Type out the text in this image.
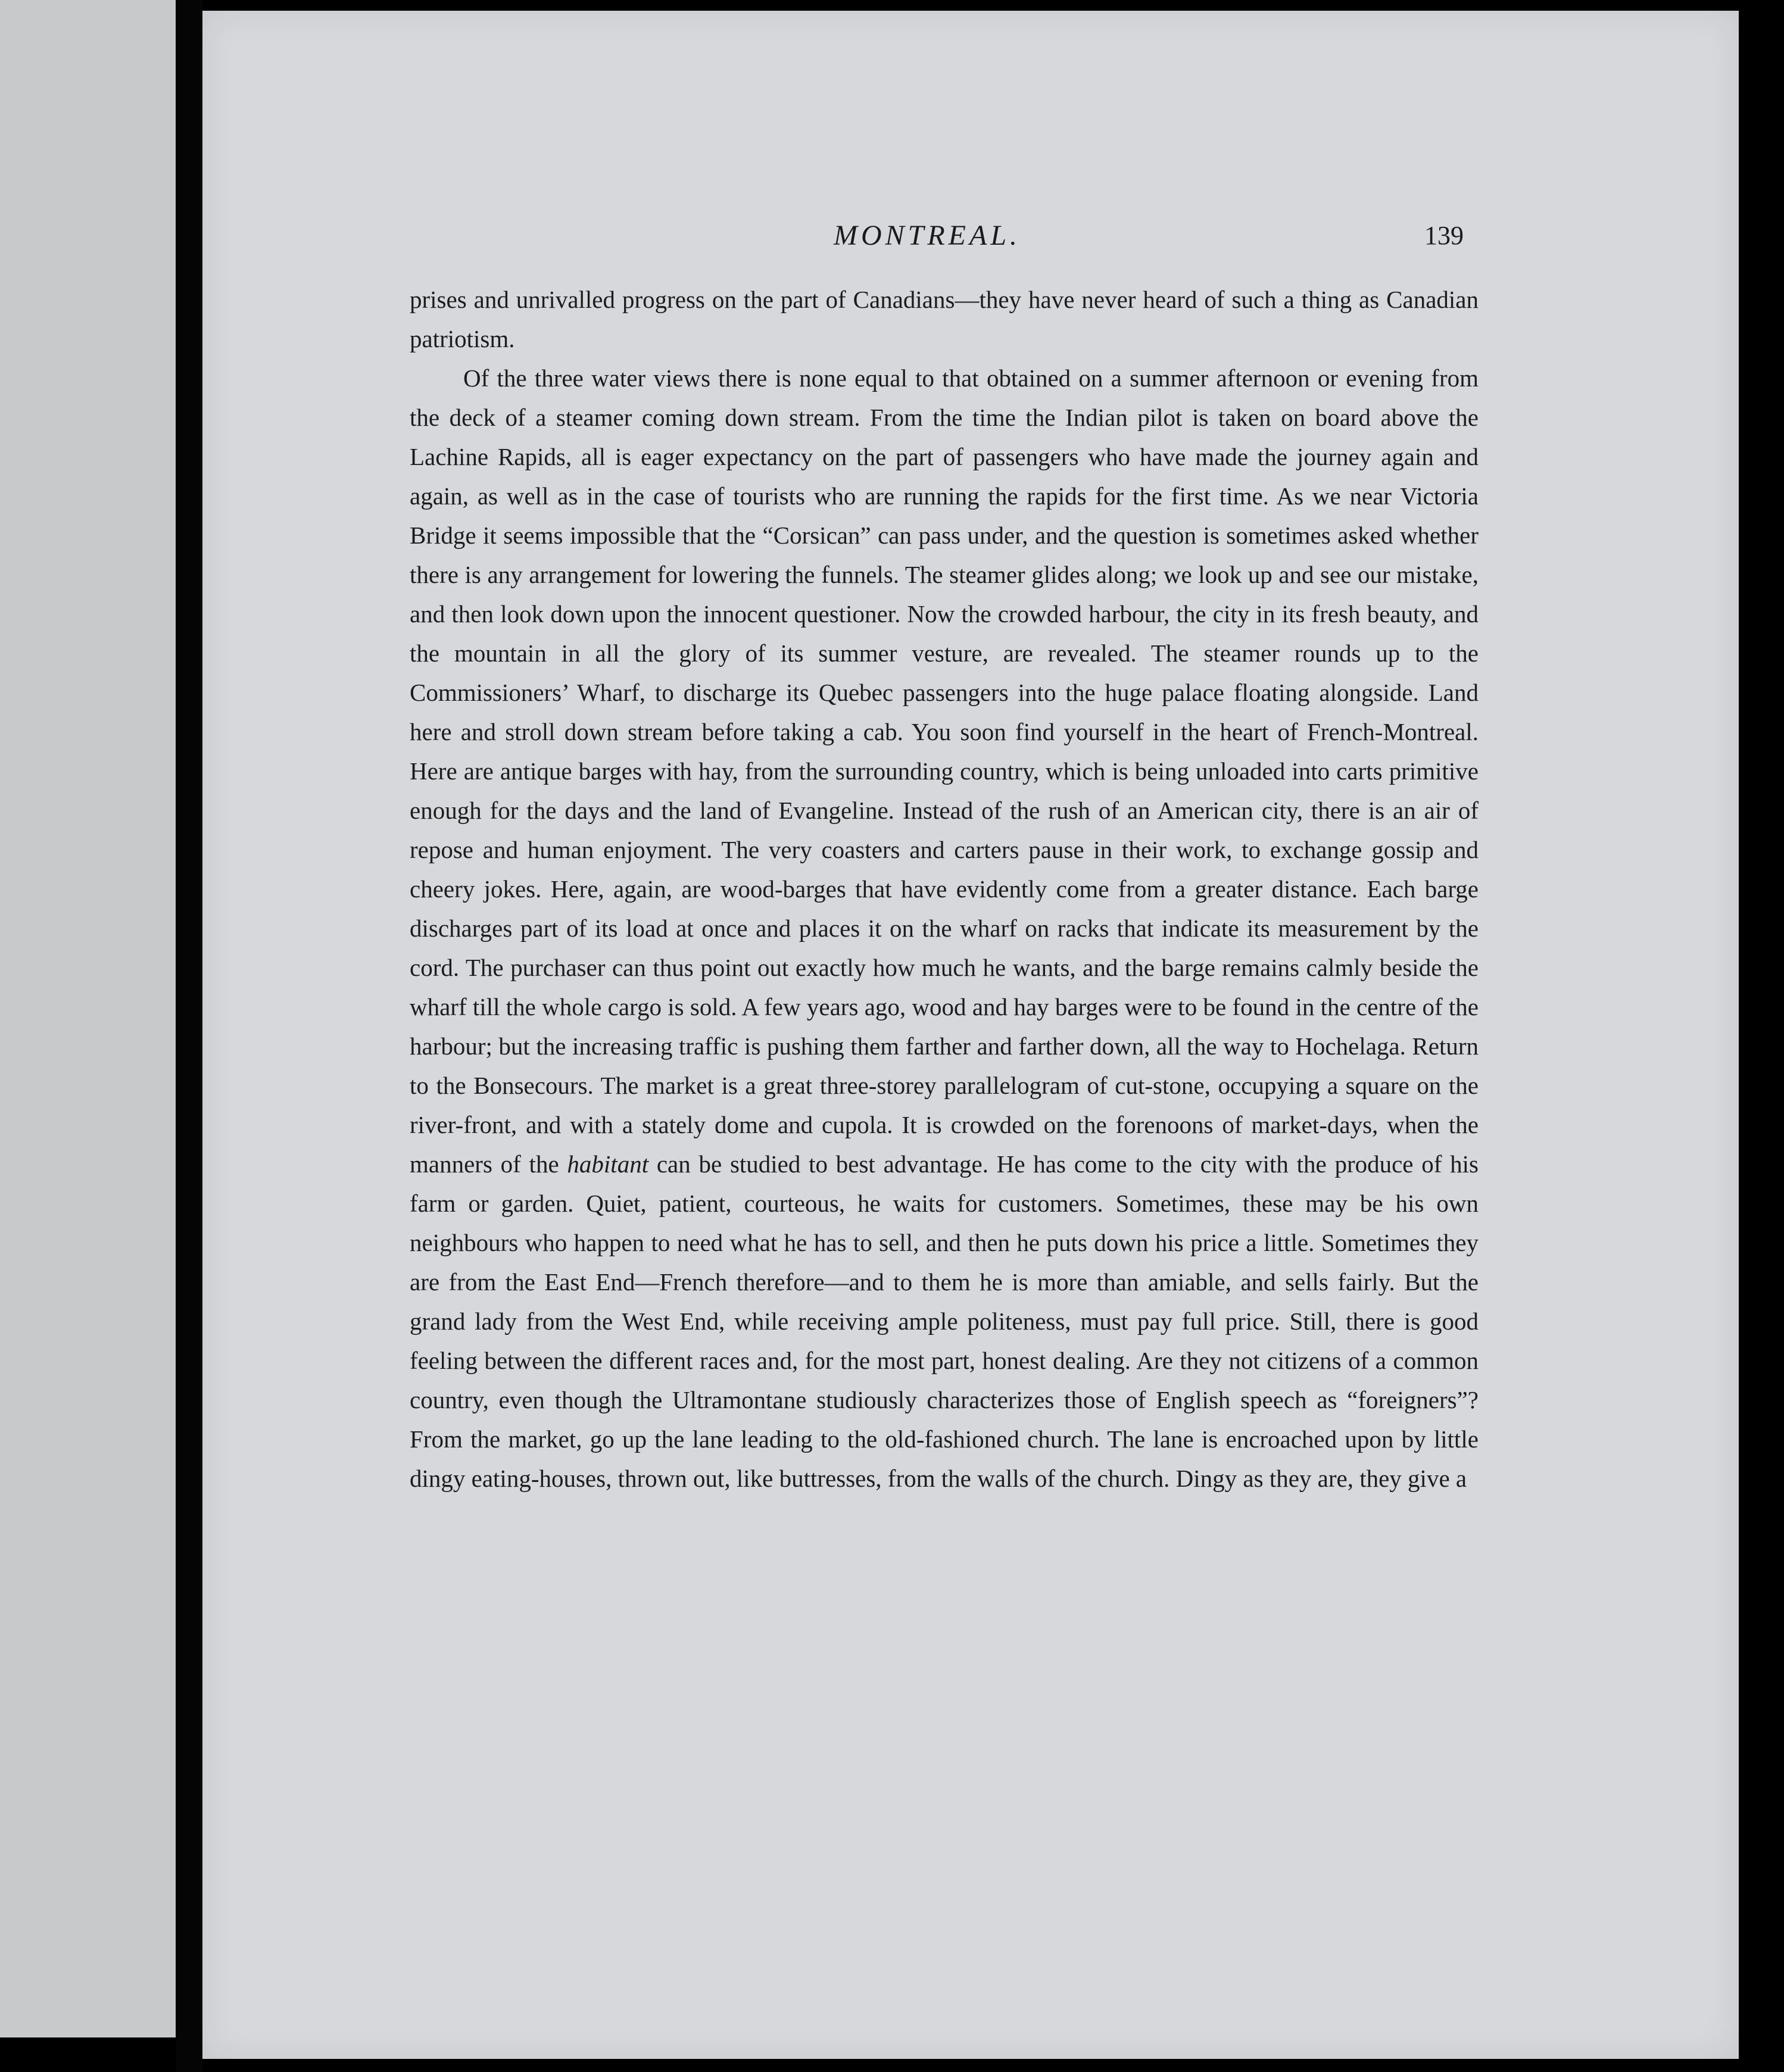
MONTREAL.	139

prises and unrivalled progress on the part of Canadians—they have never heard of such a thing as Canadian patriotism.

Of the three water views there is none equal to that obtained on a summer afternoon or evening from the deck of a steamer coming down stream. From the time the Indian pilot is taken on board above the Lachine Rapids, all is eager expectancy on the part of passengers who have made the journey again and again, as well as in the case of tourists who are running the rapids for the first time. As we near Victoria Bridge it seems impossible that the “Corsican” can pass under, and the question is sometimes asked whether there is any arrangement for lowering the funnels. The steamer glides along; we look up and see our mistake, and then look down upon the innocent questioner. Now the crowded harbour, the city in its fresh beauty, and the mountain in all the glory of its summer vesture, are revealed. The steamer rounds up to the Commissioners’ Wharf, to discharge its Quebec passengers into the huge palace floating alongside. Land here and stroll down stream before taking a cab. You soon find yourself in the heart of French-Montreal. Here are antique barges with hay, from the surrounding country, which is being unloaded into carts primitive enough for the days and the land of Evangeline. Instead of the rush of an American city, there is an air of repose and human enjoyment. The very coasters and carters pause in their work, to exchange gossip and cheery jokes. Here, again, are wood-barges that have evidently come from a greater distance. Each barge discharges part of its load at once and places it on the wharf on racks that indicate its measurement by the cord. The purchaser can thus point out exactly how much he wants, and the barge remains calmly beside the wharf till the whole cargo is sold. A few years ago, wood and hay barges were to be found in the centre of the harbour; but the increasing traffic is pushing them farther and farther down, all the way to Hochelaga. Return to the Bonsecours. The market is a great three-storey parallelogram of cut-stone, occupying a square on the river-front, and with a stately dome and cupola. It is crowded on the forenoons of market-days, when the manners of the habitant can be studied to best advantage. He has come to the city with the produce of his farm or garden. Quiet, patient, courteous, he waits for customers. Sometimes, these may be his own neighbours who happen to need what he has to sell, and then he puts down his price a little. Sometimes they are from the East End—French therefore—and to them he is more than amiable, and sells fairly. But the grand lady from the West End, while receiving ample politeness, must pay full price. Still, there is good feeling between the different races and, for the most part, honest dealing. Are they not citizens of a common country, even though the Ultramontane studiously characterizes those of English speech as “foreigners”? From the market, go up the lane leading to the old-fashioned church. The lane is encroached upon by little dingy eating-houses, thrown out, like buttresses, from the walls of the church. Dingy as they are, they give a
